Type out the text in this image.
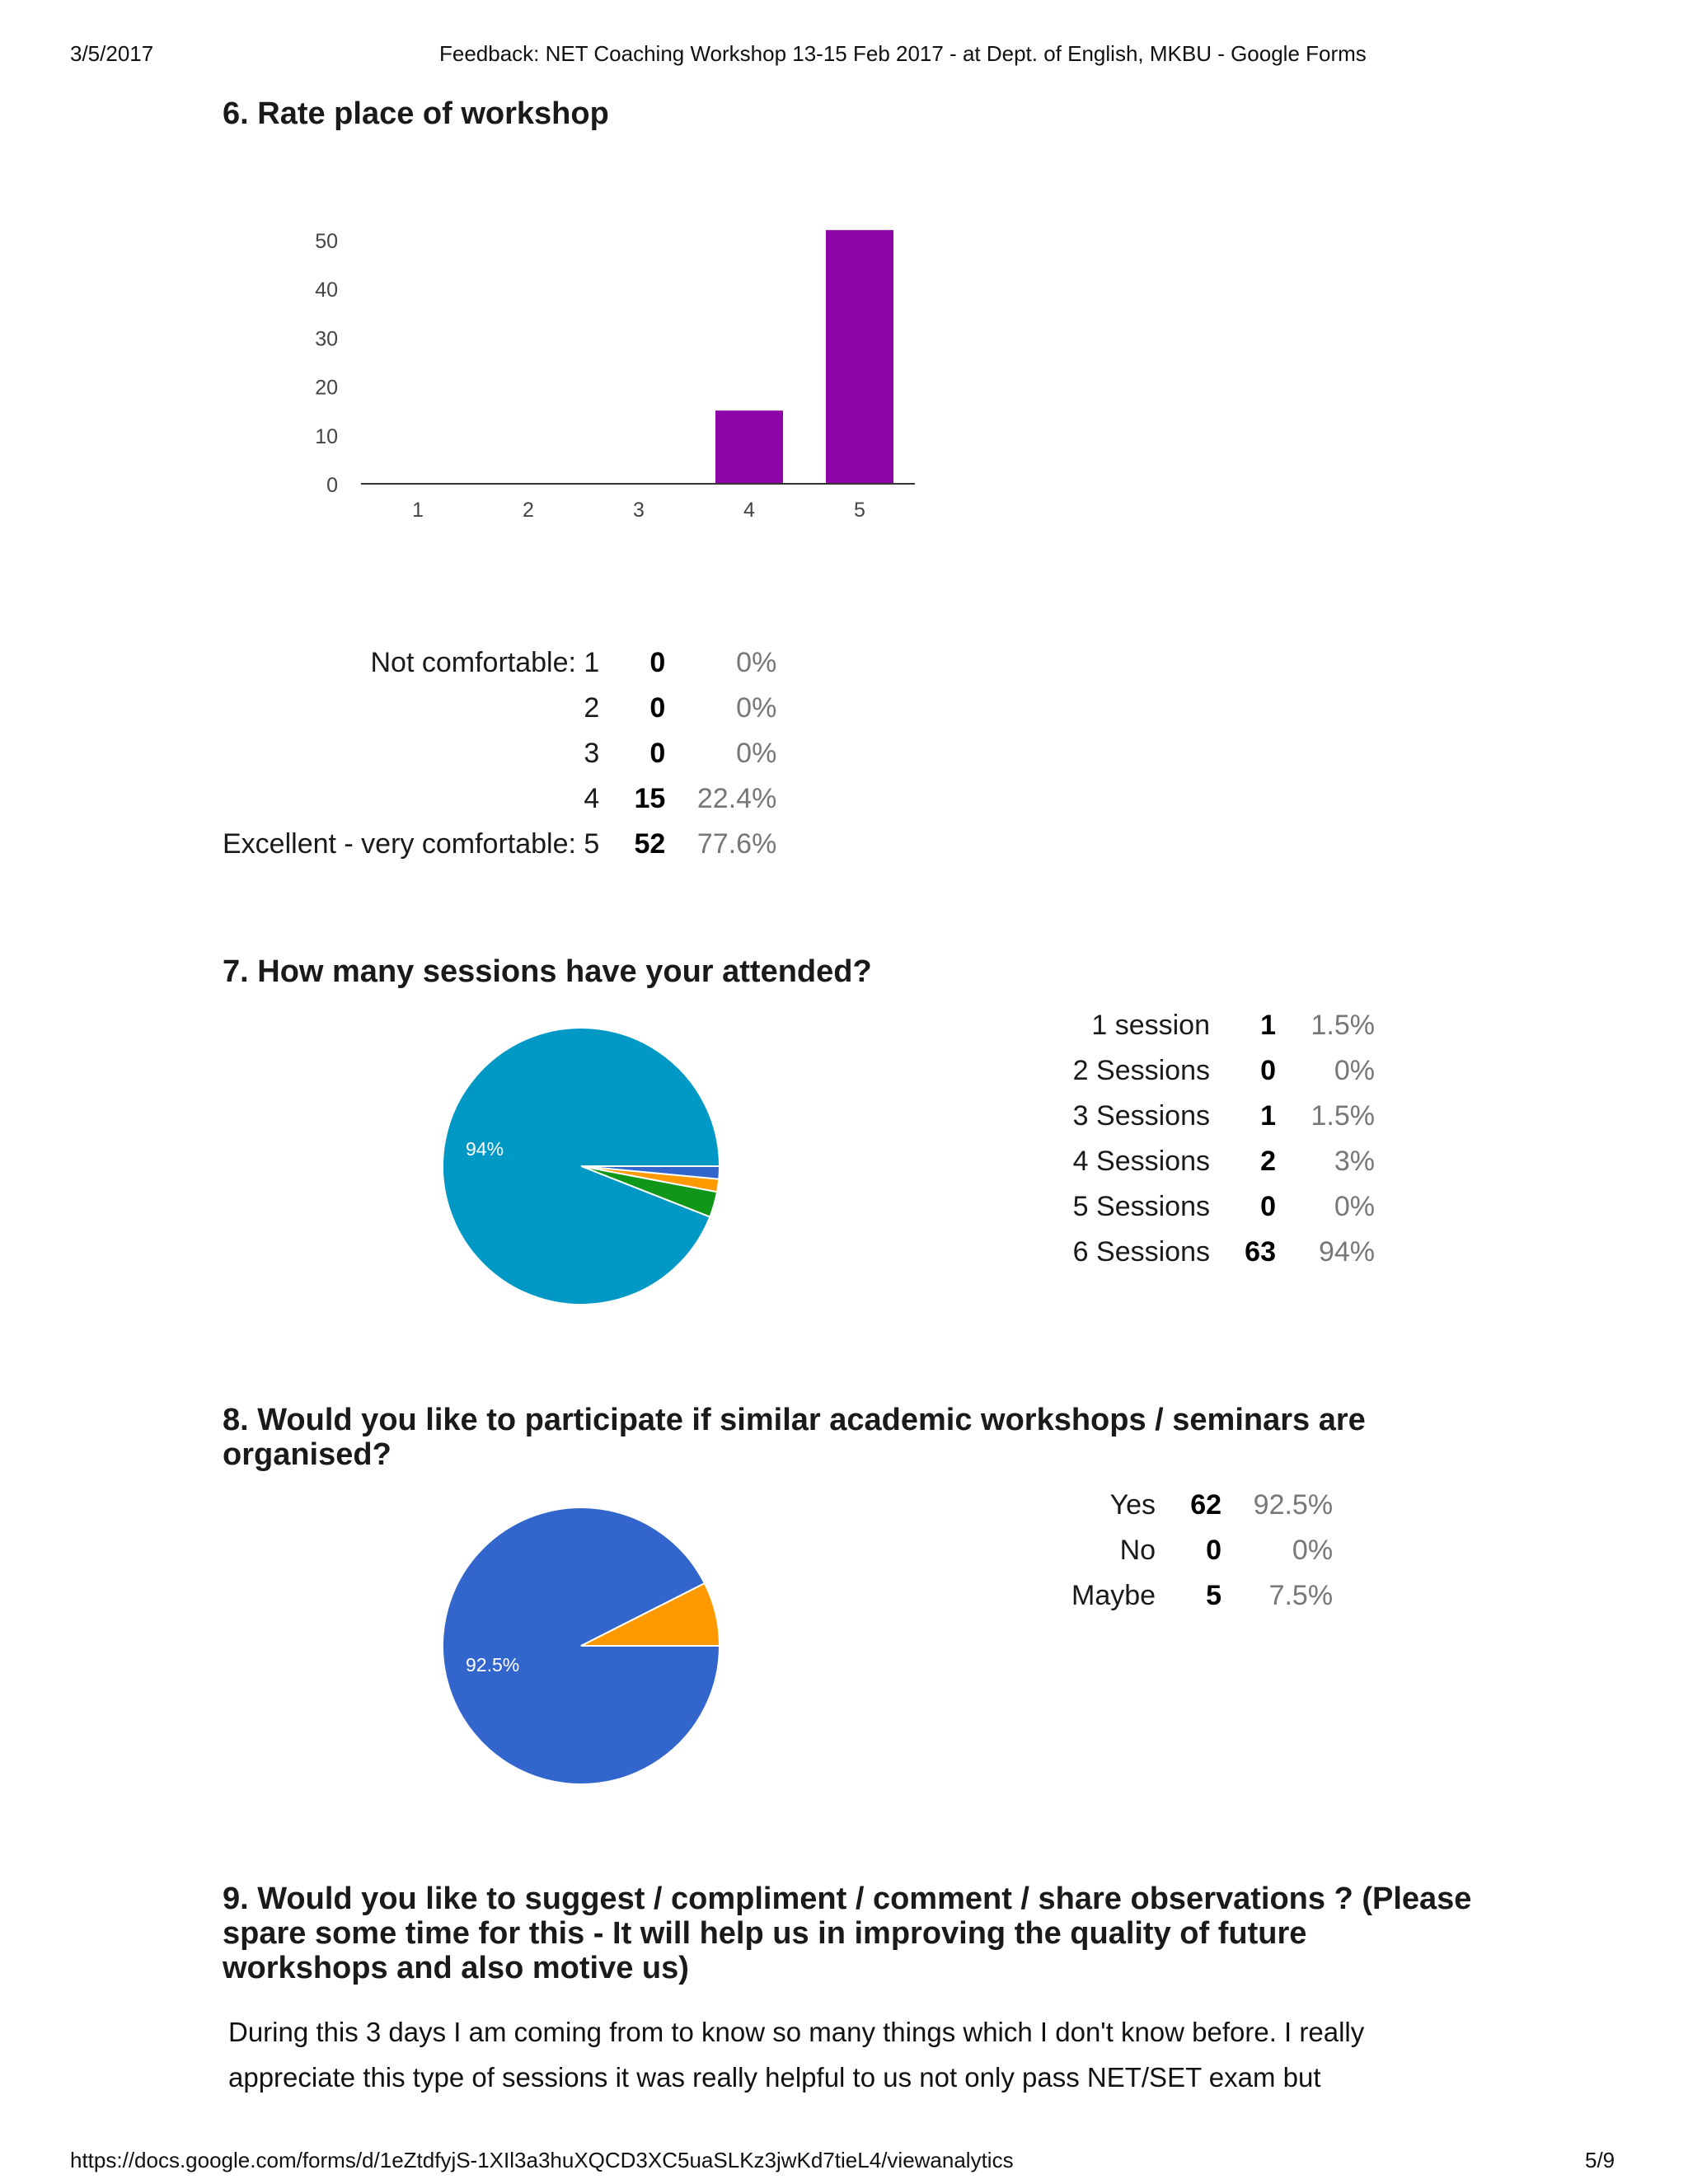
3/5/2017	Feedback: NET Coaching Workshop 13-15 Feb 2017 - at Dept. of English, MKBU - Google Forms
6. Rate place of workshop
0
10
20
30
40
50
1	2	3	4	5
Not comfortable: 1	0	0%
2	0	0%
3	0	0%
4	15	22.4%
Excellent - very comfortable: 5	52	77.6%
7. How many sessions have your attended?
94%
1 session	1	1.5%
2 Sessions	0	0%
3 Sessions	1	1.5%
4 Sessions	2	3%
5 Sessions	0	0%
6 Sessions	63	94%
8. Would you like to participate if similar academic workshops / seminars are organised?
92.5%
Yes	62	92.5%
No	0	0%
Maybe	5	7.5%
9. Would you like to suggest / compliment / comment / share observations ? (Please spare some time for this - It will help us in improving the quality of future workshops and also motive us)
During this 3 days I am coming from to know so many things which I don't know before. I really appreciate this type of sessions it was really helpful to us not only pass NET/SET exam but
https://docs.google.com/forms/d/1eZtdfyjS-1XIl3a3huXQCD3XC5uaSLKz3jwKd7tieL4/viewanalytics	5/9
